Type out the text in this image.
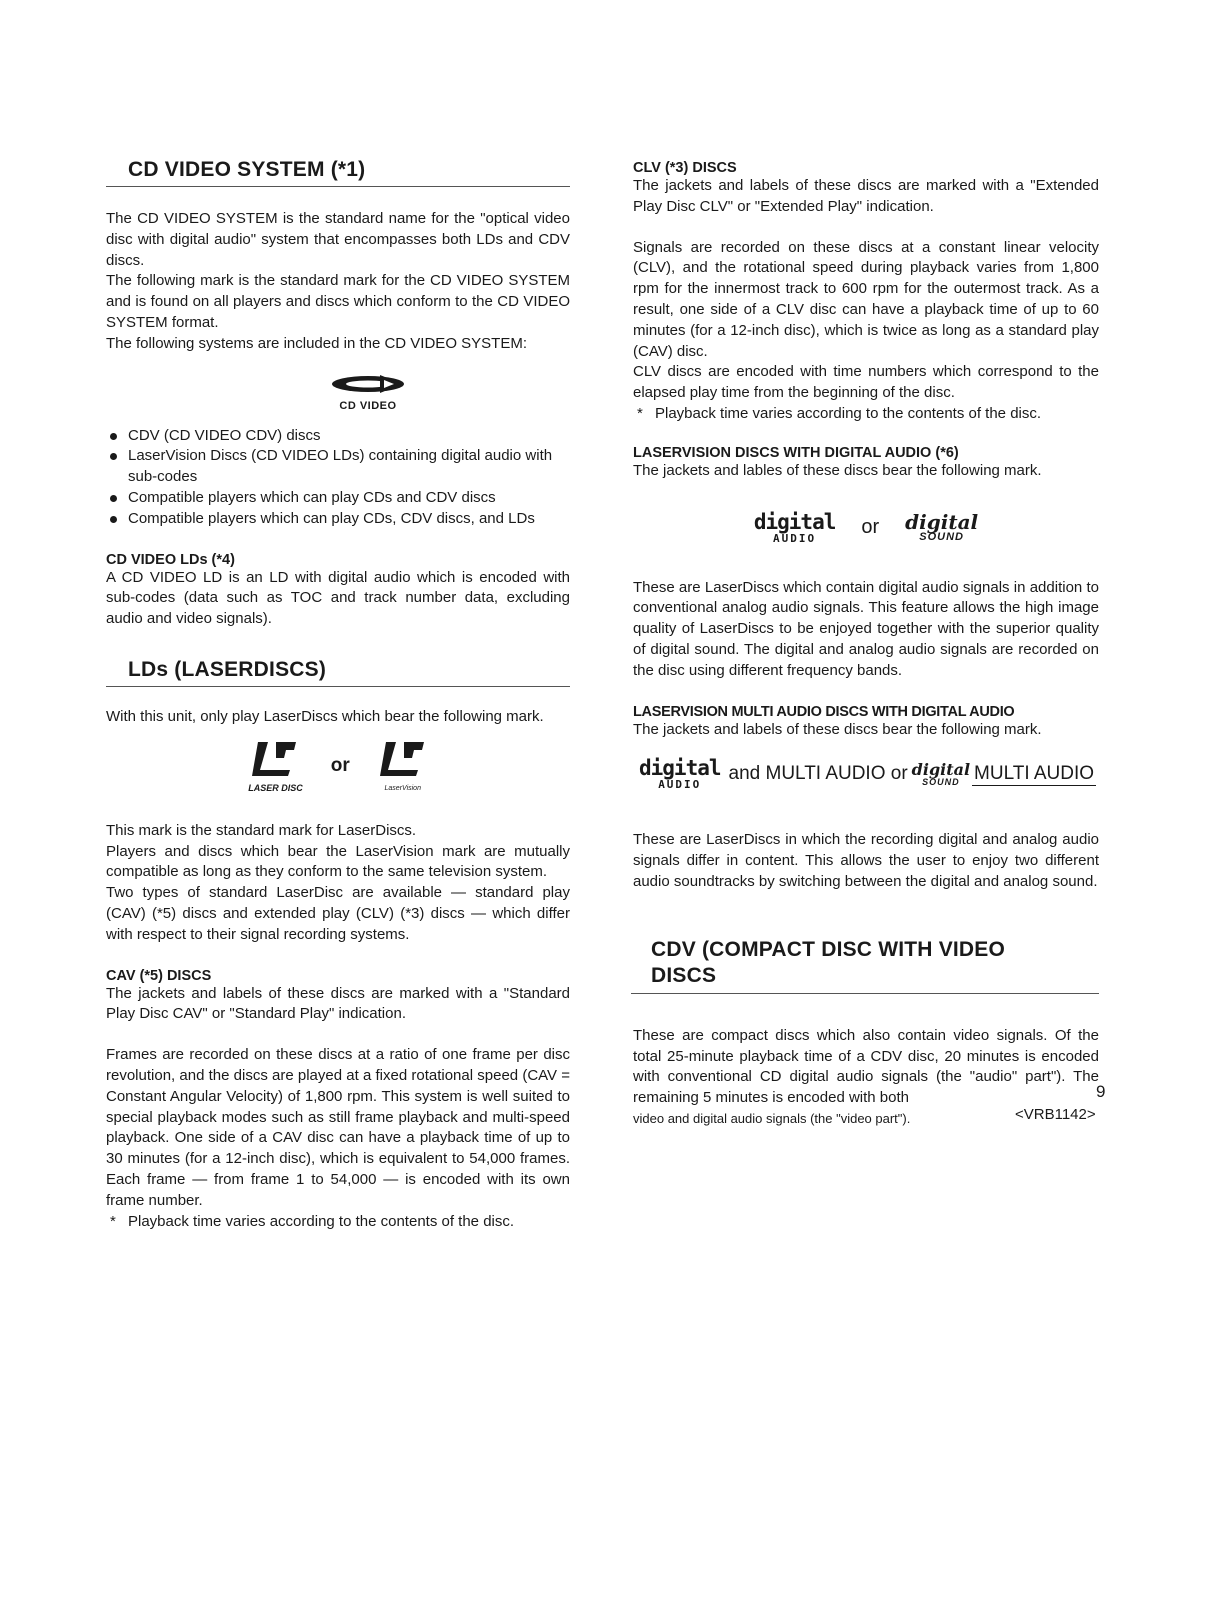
CD VIDEO SYSTEM (*1)

The CD VIDEO SYSTEM is the standard name for the "optical video disc with digital audio" system that encompasses both LDs and CDV discs.

The following mark is the standard mark for the CD VIDEO SYSTEM and is found on all players and discs which conform to the CD VIDEO SYSTEM format.

The following systems are included in the CD VIDEO SYSTEM:

CD VIDEO
CDV (CD VIDEO CDV) discs
LaserVision Discs (CD VIDEO LDs) containing digital audio with sub-codes
Compatible players which can play CDs and CDV discs
Compatible players which can play CDs, CDV discs, and LDs
CD VIDEO LDs (*4)

A CD VIDEO LD is an LD with digital audio which is encoded with sub-codes (data such as TOC and track number data, excluding audio and video signals).

LDs (LASERDISCS)

With this unit, only play LaserDiscs which bear the following mark.

LASER DISC
or
LaserVision

This mark is the standard mark for LaserDiscs.

Players and discs which bear the LaserVision mark are mutually compatible as long as they conform to the same television system.

Two types of standard LaserDisc are available — standard play (CAV) (*5) discs and extended play (CLV) (*3) discs — which differ with respect to their signal recording systems.

CAV (*5) DISCS

The jackets and labels of these discs are marked with a "Standard Play Disc CAV" or "Standard Play" indication.

Frames are recorded on these discs at a ratio of one frame per disc revolution, and the discs are played at a fixed rotational speed (CAV = Constant Angular Velocity) of 1,800 rpm. This system is well suited to special playback modes such as still frame playback and multi-speed playback. One side of a CAV disc can have a playback time of up to 30 minutes (for a 12-inch disc), which is equivalent to 54,000 frames. Each frame — from frame 1 to 54,000 — is encoded with its own frame number.

* Playback time varies according to the contents of the disc.
CLV (*3) DISCS

The jackets and labels of these discs are marked with a "Extended Play Disc CLV" or "Extended Play" indication.

Signals are recorded on these discs at a constant linear velocity (CLV), and the rotational speed during playback varies from 1,800 rpm for the innermost track to 600 rpm for the outermost track. As a result, one side of a CLV disc can have a playback time of up to 60 minutes (for a 12-inch disc), which is twice as long as a standard play (CAV) disc.

CLV discs are encoded with time numbers which correspond to the elapsed play time from the beginning of the disc.

* Playback time varies according to the contents of the disc.
LASERVISION DISCS WITH DIGITAL AUDIO (*6)

The jackets and lables of these discs bear the following mark.

digital
AUDIO	or digital
SOUND

These are LaserDiscs which contain digital audio signals in addition to conventional analog audio signals. This feature allows the high image quality of LaserDiscs to be enjoyed together with the superior quality of digital sound. The digital and analog audio signals are recorded on the disc using different frequency bands.

LASERVISION MULTI AUDIO DISCS WITH DIGITAL AUDIO

The jackets and labels of these discs bear the following mark.

digital
AUDIO
and MULTI AUDIO or digital
SOUND MULTI AUDIO

These are LaserDiscs in which the recording digital and analog audio signals differ in content. This allows the user to enjoy two different audio soundtracks by switching between the digital and analog sound.

CDV (COMPACT DISC WITH VIDEO
DISCS

These are compact discs which also contain video signals. Of the total 25-minute playback time of a CDV disc, 20 minutes is encoded with conventional CD digital audio signals (the "audio" part"). The remaining 5 minutes is encoded with both

video and digital audio signals (the "video part").

9
<VRB1142>
